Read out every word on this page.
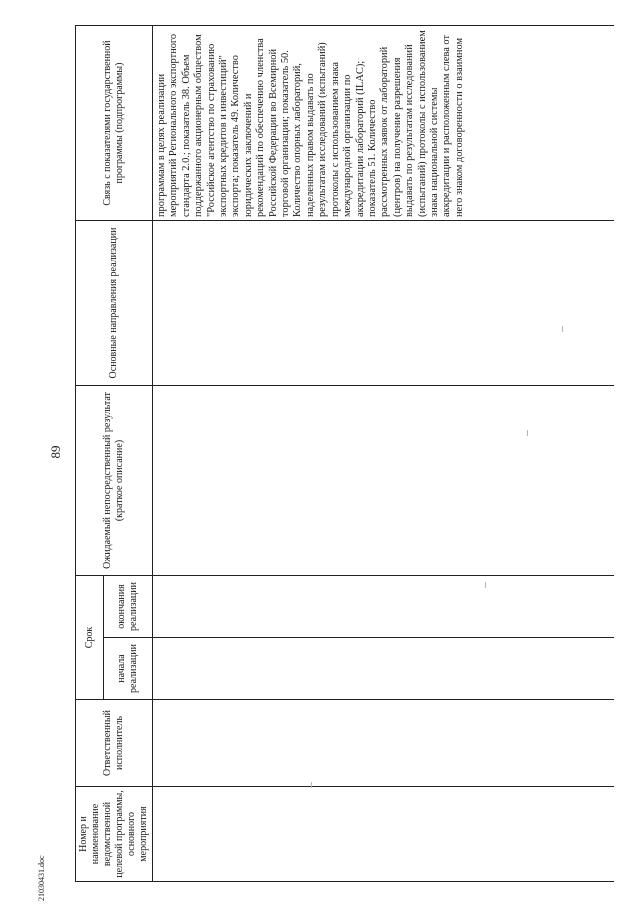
89
Номер и наименование ведомственной целевой программы, основного мероприятия	Ответственный исполнитель	Срок		Ожидаемый непосредственный результат (краткое описание)	Основные направления реализации	Связь с показателями государственной программы (подпрограммы)
		начала реализации	окончания реализации			
						программам в целях реализации мероприятий Регионального экспортного стандарта 2.0.; показатель 38. Объем поддержанного акционерным обществом "Российское агентство по страхованию экспортных кредитов и инвестиций" экспорта; показатель 49. Количество юридических заключений и рекомендаций по обеспечению членства Российской Федерации во Всемирной торговой организации; показатель 50. Количество опорных лабораторий, наделенных правом выдавать по результатам исследований (испытаний) протоколы с использованием знака международной организации по аккредитации лабораторий (ILAC); показатель 51. Количество рассмотренных заявок от лабораторий (центров) на получение разрешения выдавать по результатам исследований (испытаний) протоколы с использованием знака национальной системы аккредитации и расположенным слева от него знаком договоренности о взаимном
21030431.doc
